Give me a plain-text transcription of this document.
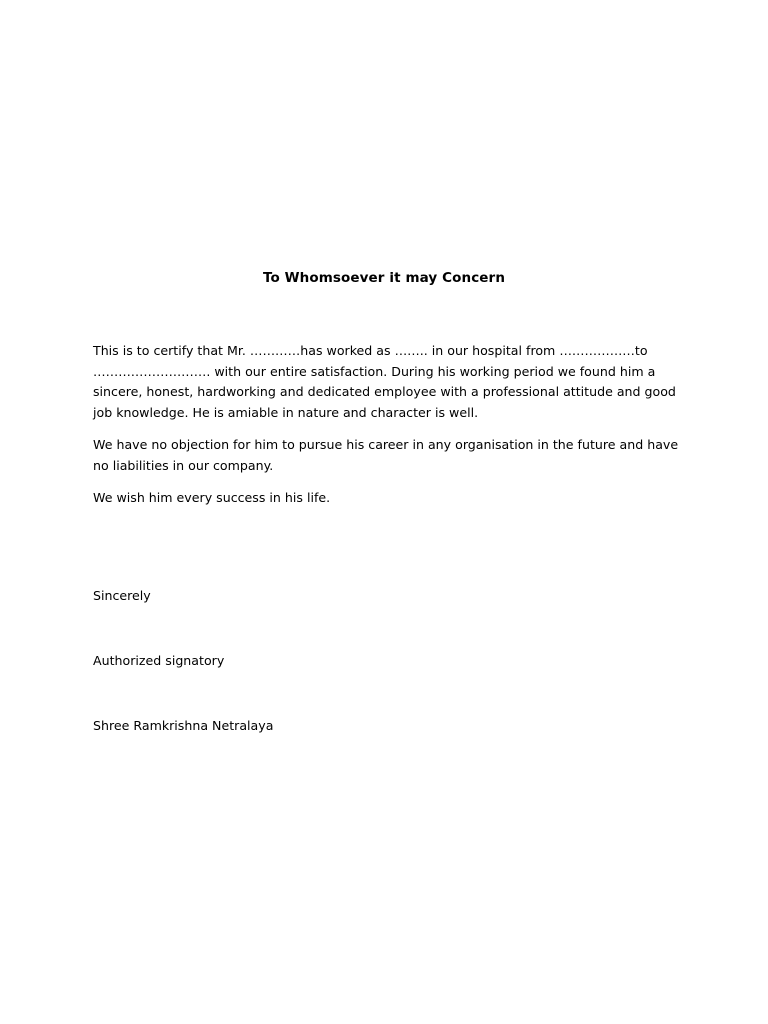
To Whomsoever it may Concern

This is to certify that Mr. …………has worked as …….. in our hospital from ………………to
………………………. with our entire satisfaction. During his working period we found him a
sincere, honest, hardworking and dedicated employee with a professional attitude and good
job knowledge. He is amiable in nature and character is well.

We have no objection for him to pursue his career in any organisation in the future and have
no liabilities in our company.

We wish him every success in his life.

Sincerely

Authorized signatory

Shree Ramkrishna Netralaya
